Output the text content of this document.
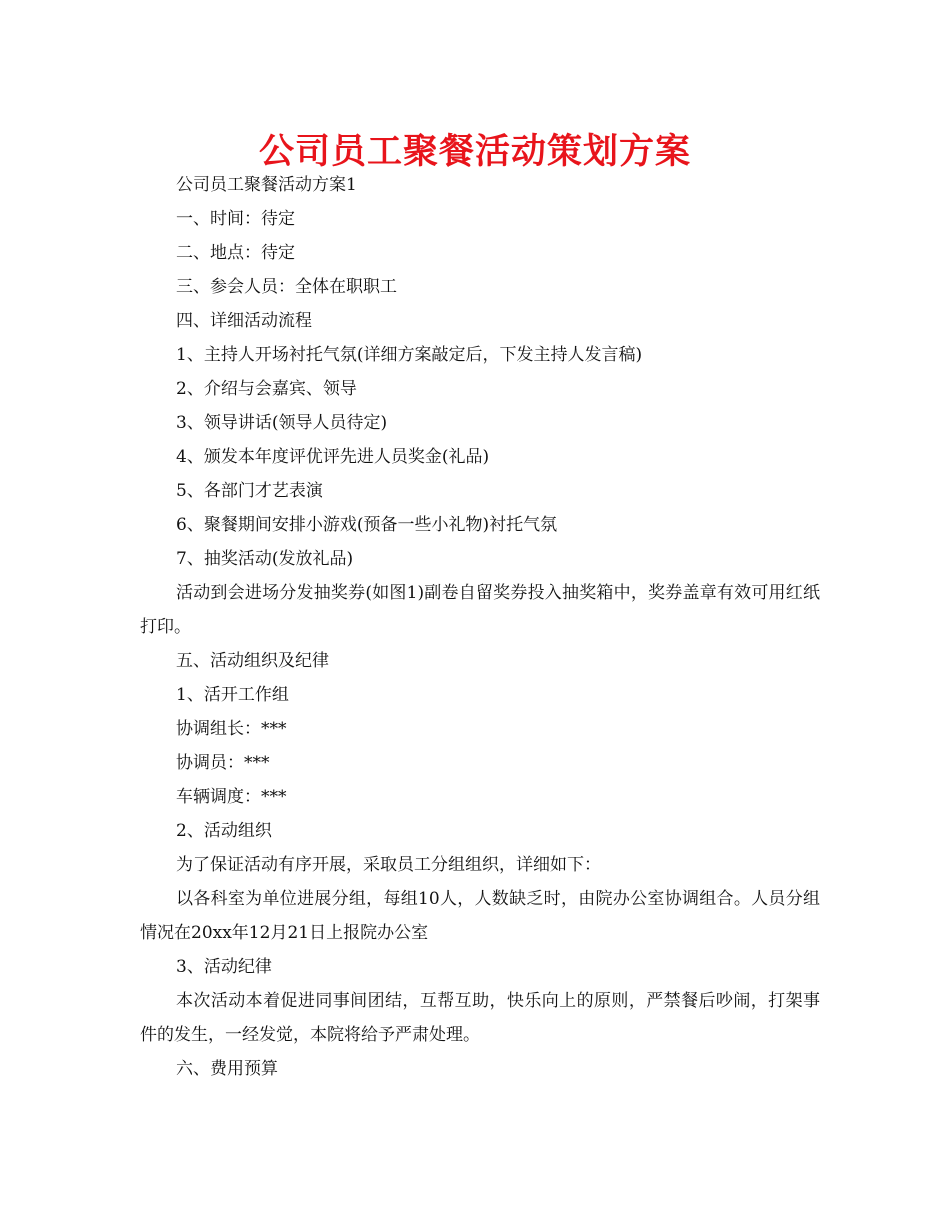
公司员工聚餐活动策划方案

公司员工聚餐活动方案1

一、时间：待定

二、地点：待定

三、参会人员：全体在职职工

四、详细活动流程

1、主持人开场衬托气氛(详细方案敲定后，下发主持人发言稿)

2、介绍与会嘉宾、领导

3、领导讲话(领导人员待定)

4、颁发本年度评优评先进人员奖金(礼品)

5、各部门才艺表演

6、聚餐期间安排小游戏(预备一些小礼物)衬托气氛

7、抽奖活动(发放礼品)

活动到会进场分发抽奖券(如图1)副卷自留奖券投入抽奖箱中，奖券盖章有效可用红纸打印。

五、活动组织及纪律

1、活开工作组

协调组长：***

协调员：***

车辆调度：***

2、活动组织

为了保证活动有序开展，采取员工分组组织，详细如下：

以各科室为单位进展分组，每组10人，人数缺乏时，由院办公室协调组合。人员分组情况在20xx年12月21日上报院办公室

3、活动纪律

本次活动本着促进同事间团结，互帮互助，快乐向上的原则，严禁餐后吵闹，打架事件的发生，一经发觉，本院将给予严肃处理。

六、费用预算
